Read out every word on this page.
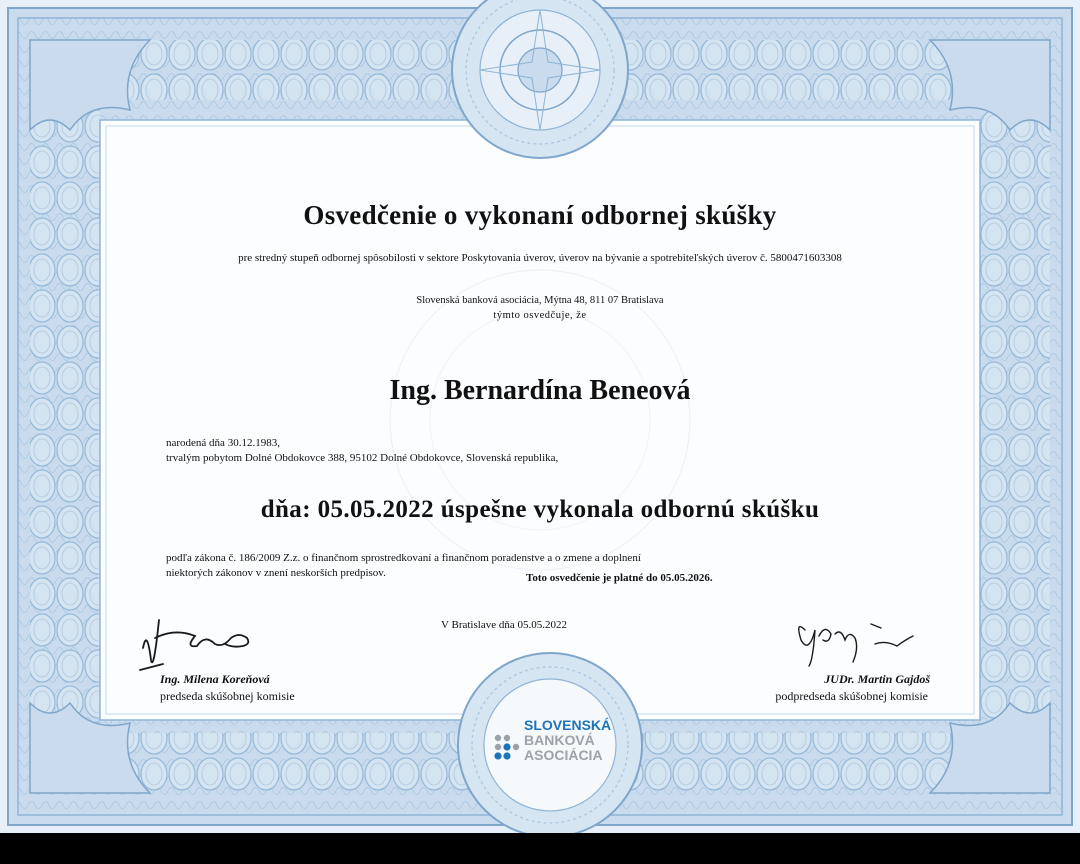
Osvedčenie o vykonaní odbornej skúšky
pre stredný stupeň odbornej spôsobilosti v sektore Poskytovania úverov, úverov na bývanie a spotrebiteľských úverov č. 5800471603308
Slovenská banková asociácia, Mýtna 48, 811 07 Bratislava
týmto osvedčuje, že
Ing. Bernardína Beneová
narodená dňa 30.12.1983,
trvalým pobytom Dolné Obdokovce 388, 95102 Dolné Obdokovce, Slovenská republika,
dňa: 05.05.2022 úspešne vykonala odbornú skúšku
podľa zákona č. 186/2009 Z.z. o finančnom sprostredkovaní a finančnom poradenstve a o zmene a doplnení
niektorých zákonov v znení neskorších predpisov.	Toto osvedčenie je platné do 05.05.2026.
V Bratislave dňa 05.05.2022
Ing. Milena Koreňová
predseda skúšobnej komisie
JUDr. Martin Gajdoš
podpredseda skúšobnej komisie
SLOVENSKÁ
BANKOVÁ
ASOCIÁCIA
